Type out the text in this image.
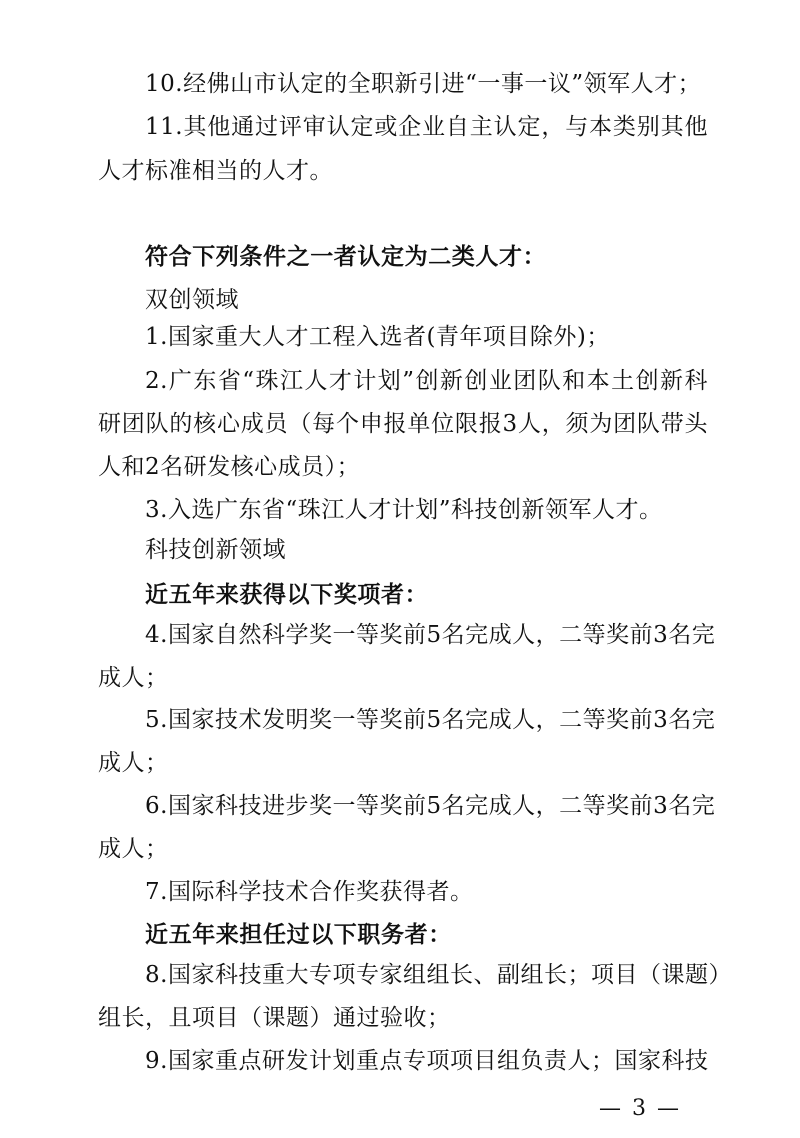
10.经佛山市认定的全职新引进“一事一议”领军人才；
11.其他通过评审认定或企业自主认定，与本类别其他
人才标准相当的人才。
符合下列条件之一者认定为二类人才：
双创领域
1.国家重大人才工程入选者(青年项目除外)；
2.广东省“珠江人才计划”创新创业团队和本土创新科
研团队的核心成员（每个申报单位限报3人，须为团队带头
人和2名研发核心成员）；
3.入选广东省“珠江人才计划”科技创新领军人才。
科技创新领域
近五年来获得以下奖项者：
4.国家自然科学奖一等奖前5名完成人，二等奖前3名完
成人；
5.国家技术发明奖一等奖前5名完成人，二等奖前3名完
成人；
6.国家科技进步奖一等奖前5名完成人，二等奖前3名完
成人；
7.国际科学技术合作奖获得者。
近五年来担任过以下职务者：
8.国家科技重大专项专家组组长、副组长；项目（课题）
组长，且项目（课题）通过验收；
9.国家重点研发计划重点专项项目组负责人；国家科技
— 3 —
